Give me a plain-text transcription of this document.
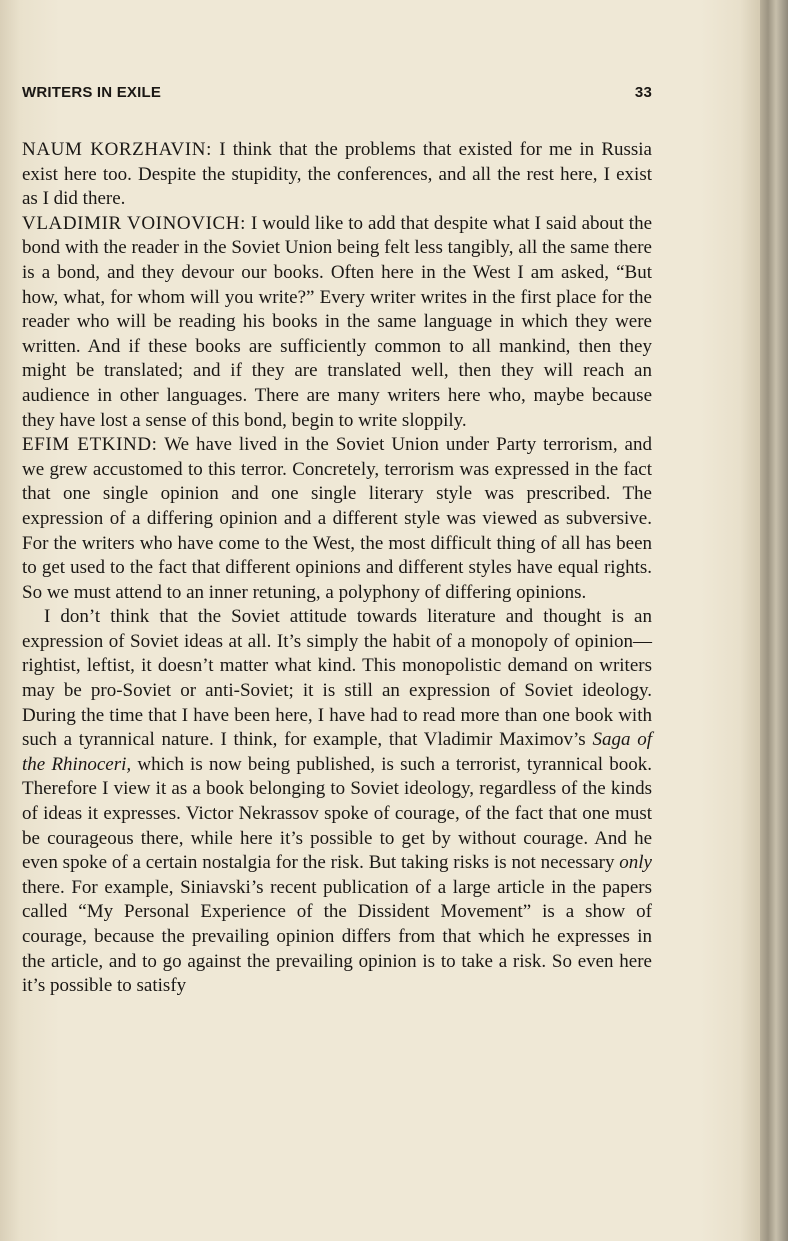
WRITERS IN EXILE	33

NAUM KORZHAVIN: I think that the problems that existed for me in Russia exist here too. Despite the stupidity, the conferences, and all the rest here, I exist as I did there.

VLADIMIR VOINOVICH: I would like to add that despite what I said about the bond with the reader in the Soviet Union being felt less tangibly, all the same there is a bond, and they devour our books. Often here in the West I am asked, “But how, what, for whom will you write?” Every writer writes in the first place for the reader who will be reading his books in the same language in which they were written. And if these books are sufficiently common to all mankind, then they might be translated; and if they are translated well, then they will reach an audience in other languages. There are many writers here who, maybe because they have lost a sense of this bond, begin to write sloppily.

EFIM ETKIND: We have lived in the Soviet Union under Party terrorism, and we grew accustomed to this terror. Concretely, terrorism was expressed in the fact that one single opinion and one single literary style was prescribed. The expression of a differing opinion and a different style was viewed as subversive. For the writers who have come to the West, the most difficult thing of all has been to get used to the fact that different opinions and different styles have equal rights. So we must attend to an inner retuning, a polyphony of differing opinions.

I don’t think that the Soviet attitude towards literature and thought is an expression of Soviet ideas at all. It’s simply the habit of a monopoly of opinion—rightist, leftist, it doesn’t matter what kind. This monopolistic demand on writers may be pro-Soviet or anti-Soviet; it is still an expression of Soviet ideology. During the time that I have been here, I have had to read more than one book with such a tyrannical nature. I think, for example, that Vladimir Maximov’s Saga of the Rhinoceri, which is now being published, is such a terrorist, tyrannical book. Therefore I view it as a book belonging to Soviet ideology, regardless of the kinds of ideas it expresses. Victor Nekrassov spoke of courage, of the fact that one must be courageous there, while here it’s possible to get by without courage. And he even spoke of a certain nostalgia for the risk. But taking risks is not necessary only there. For example, Siniavski’s recent publication of a large article in the papers called “My Personal Experience of the Dissident Movement” is a show of courage, because the prevailing opinion differs from that which he expresses in the article, and to go against the prevailing opinion is to take a risk. So even here it’s possible to satisfy
